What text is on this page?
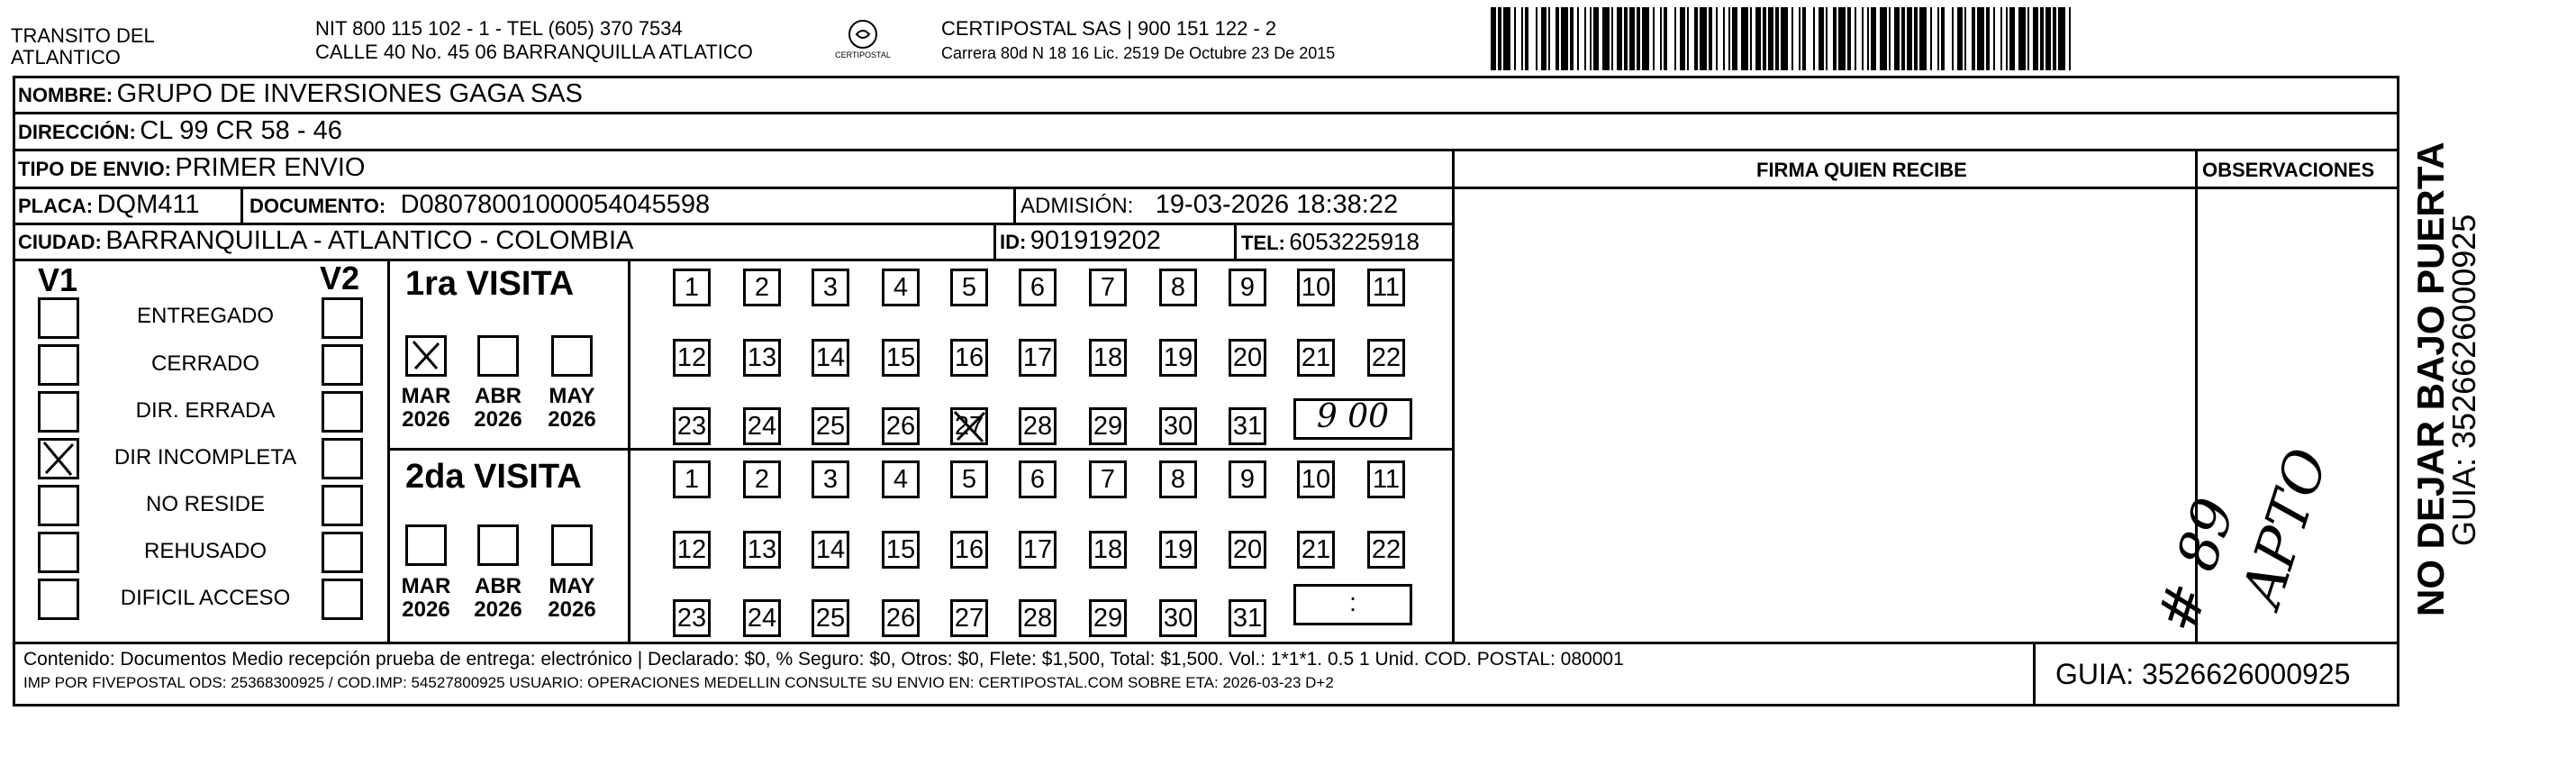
TRANSITO DEL
ATLANTICO
NIT 800 115 102 - 1 - TEL (605) 370 7534
CALLE 40 No. 45 06 BARRANQUILLA ATLATICO	CERTIPOSTAL
CERTIPOSTAL SAS | 900 151 122 - 2
Carrera 80d N 18 16 Lic. 2519 De Octubre 23 De 2015
NOMBRE: GRUPO DE INVERSIONES GAGA SAS
DIRECCIÓN: CL 99 CR 58 - 46
TIPO DE ENVIO: PRIMER ENVIO	FIRMA QUIEN RECIBE	OBSERVACIONES
PLACA: DQM411	DOCUMENTO: D08078001000054045598	ADMISIÓN: 19-03-2026 18:38:22
CIUDAD: BARRANQUILLA - ATLANTICO - COLOMBIA	ID: 901919202	TEL: 6053225918
V1	V2
ENTREGADO
CERRADO
DIR. ERRADA
DIR INCOMPLETA
NO RESIDE
REHUSADO
DIFICIL ACCESO
1ra VISITA
MAR
2026
ABR
2026
MAY
2026
1	2	3	4	5	6	7	8	9	10 11
12 13 14 15 16 17 18 19 20 21 22
23 24 25 26 27 28 29 30 31	9 00
2da VISITA
MAR
2026
ABR
2026
MAY
2026
1	2	3	4	5	6	7	8	9	10 11
12 13 14 15 16 17 18 19 20 21 22
23 24 25 26 27 28 29 30 31
:	# 89
APTO NO DEJAR BAJO PUERTA
GUIA: 3526626000925
Contenido: Documentos Medio recepción prueba de entrega: electrónico | Declarado: $0, % Seguro: $0, Otros: $0, Flete: $1,500, Total: $1,500. Vol.: 1*1*1. 0.5 1 Unid. COD. POSTAL: 080001
IMP POR FIVEPOSTAL ODS: 25368300925 / COD.IMP: 54527800925 USUARIO: OPERACIONES MEDELLIN CONSULTE SU ENVIO EN: CERTIPOSTAL.COM SOBRE ETA: 2026-03-23 D+2	GUIA: 3526626000925
